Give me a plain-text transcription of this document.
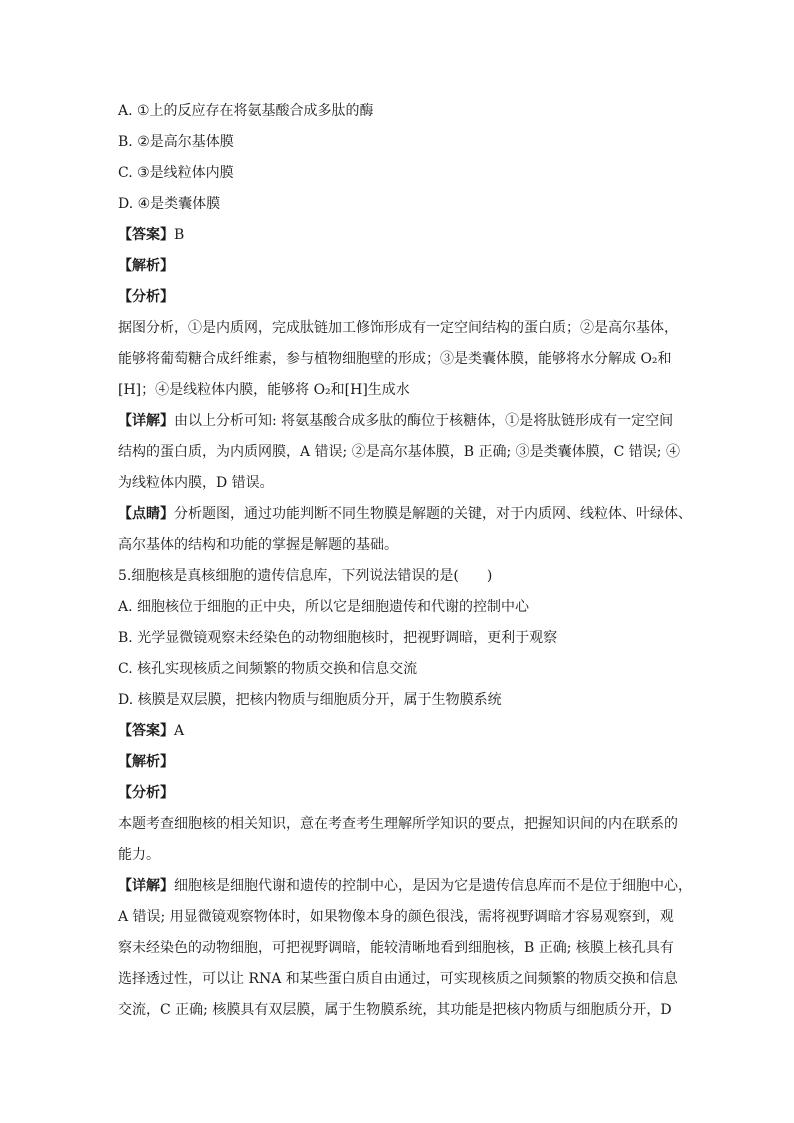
A. ①上的反应存在将氨基酸合成多肽的酶
B. ②是高尔基体膜
C. ③是线粒体内膜
D. ④是类囊体膜
【答案】B
【解析】
【分析】
据图分析，①是内质网，完成肽链加工修饰形成有一定空间结构的蛋白质；②是高尔基体，
能够将葡萄糖合成纤维素，参与植物细胞壁的形成；③是类囊体膜，能够将水分解成 O₂和
[H]；④是线粒体内膜，能够将 O₂和[H]生成水
【详解】由以上分析可知: 将氨基酸合成多肽的酶位于核糖体，①是将肽链形成有一定空间
结构的蛋白质，为内质网膜，A 错误; ②是高尔基体膜，B 正确; ③是类囊体膜，C 错误; ④
为线粒体内膜，D 错误。
【点睛】分析题图，通过功能判断不同生物膜是解题的关键，对于内质网、线粒体、叶绿体、
高尔基体的结构和功能的掌握是解题的基础。
5.细胞核是真核细胞的遗传信息库，下列说法错误的是(　　)
A. 细胞核位于细胞的正中央，所以它是细胞遗传和代谢的控制中心
B. 光学显微镜观察未经染色的动物细胞核时，把视野调暗，更利于观察
C. 核孔实现核质之间频繁的物质交换和信息交流
D. 核膜是双层膜，把核内物质与细胞质分开，属于生物膜系统
【答案】A
【解析】
【分析】
本题考查细胞核的相关知识，意在考查考生理解所学知识的要点，把握知识间的内在联系的
能力。
【详解】细胞核是细胞代谢和遗传的控制中心，是因为它是遗传信息库而不是位于细胞中心，
A 错误; 用显微镜观察物体时，如果物像本身的颜色很浅，需将视野调暗才容易观察到，观
察未经染色的动物细胞，可把视野调暗，能较清晰地看到细胞核，B 正确; 核膜上核孔具有
选择透过性，可以让 RNA 和某些蛋白质自由通过，可实现核质之间频繁的物质交换和信息
交流，C 正确; 核膜具有双层膜，属于生物膜系统，其功能是把核内物质与细胞质分开，D
